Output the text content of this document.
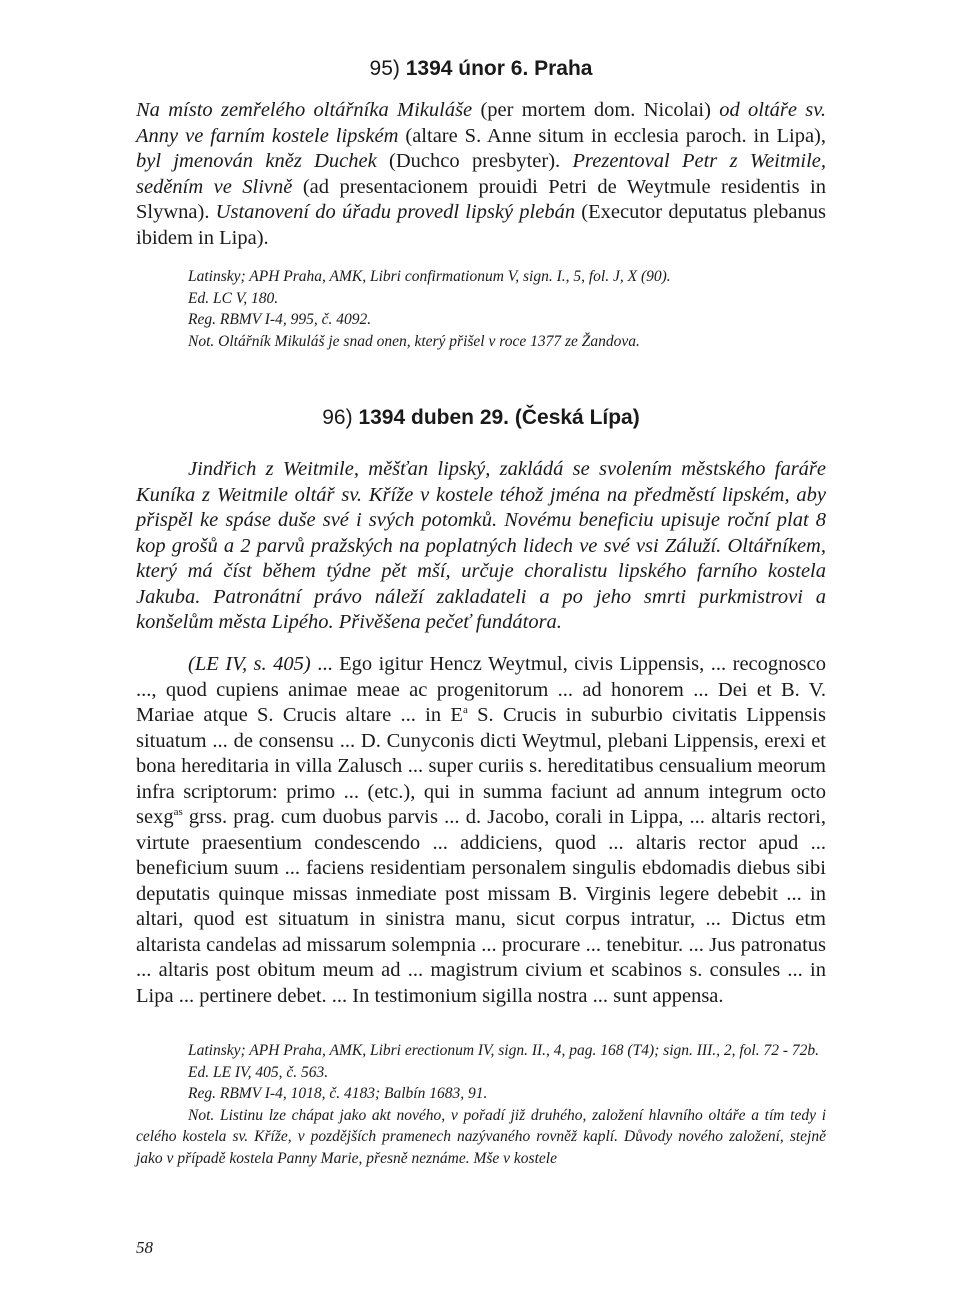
95) 1394 únor 6. Praha
Na místo zemřelého oltářníka Mikuláše (per mortem dom. Nicolai) od oltáře sv. Anny ve farním kostele lipském (altare S. Anne situm in ecclesia paroch. in Lipa), byl jmenován kněz Duchek (Duchco presbyter). Prezentoval Petr z Weitmile, seděním ve Slivně (ad presentacionem prouidi Petri de Weytmule residentis in Slywna). Ustanovení do úřadu provedl lipský plebán (Executor deputatus plebanus ibidem in Lipa).
Latinsky; APH Praha, AMK, Libri confirmationum V, sign. I., 5, fol. J, X (90).
Ed. LC V, 180.
Reg. RBMV I-4, 995, č. 4092.
Not. Oltářník Mikuláš je snad onen, který přišel v roce 1377 ze Žandova.
96) 1394 duben 29. (Česká Lípa)
Jindřich z Weitmile, měšťan lipský, zakládá se svolením městského faráře Kuníka z Weitmile oltář sv. Kříže v kostele téhož jména na předměstí lipském, aby přispěl ke spáse duše své i svých potomků. Novému beneficiu upisuje roční plat 8 kop grošů a 2 parvů pražských na poplatných lidech ve své vsi Záluží. Oltářníkem, který má číst během týdne pět mší, určuje choralistu lipského farního kostela Jakuba. Patronátní právo náleží zakladateli a po jeho smrti purkmistrovi a konšelům města Lipého. Přivěšena pečeť fundátora.
(LE IV, s. 405) ... Ego igitur Hencz Weytmul, civis Lippensis, ... recognosco ..., quod cupiens animae meae ac progenitorum ... ad honorem ... Dei et B. V. Mariae atque S. Crucis altare ... in $E^a$ S. Crucis in suburbio civitatis Lippensis situatum ... de consensu ... D. Cunyconis dicti Weytmul, plebani Lippensis, erexi et bona hereditaria in villa Zalusch ... super curiis s. hereditatibus censualium meorum infra scriptorum: primo ... (etc.), qui in summa faciunt ad annum integrum octo sexg$^{as}$ grss. prag. cum duobus parvis ... d. Jacobo, corali in Lippa, ... altaris rectori, virtute praesentium condescendo ... addiciens, quod ... altaris rector apud ... beneficium suum ... faciens residentiam personalem singulis ebdomadis diebus sibi deputatis quinque missas inmediate post missam B. Virginis legere debebit ... in altari, quod est situatum in sinistra manu, sicut corpus intratur, ... Dictus etm altarista candelas ad missarum solempnia ... procurare ... tenebitur. ... Jus patronatus ... altaris post obitum meum ad ... magistrum civium et scabinos s. consules ... in Lipa ... pertinere debet. ... In testimonium sigilla nostra ... sunt appensa.
Latinsky; APH Praha, AMK, Libri erectionum IV, sign. II., 4, pag. 168 (T4); sign. III., 2, fol. 72 - 72b.
Ed. LE IV, 405, č. 563.
Reg. RBMV I-4, 1018, č. 4183; Balbín 1683, 91.
Not. Listinu lze chápat jako akt nového, v pořadí již druhého, založení hlavního oltáře a tím tedy i celého kostela sv. Kříže, v pozdějších pramenech nazývaného rovněž kaplí. Důvody nového založení, stejně jako v případě kostela Panny Marie, přesně neznáme. Mše v kostele
58
